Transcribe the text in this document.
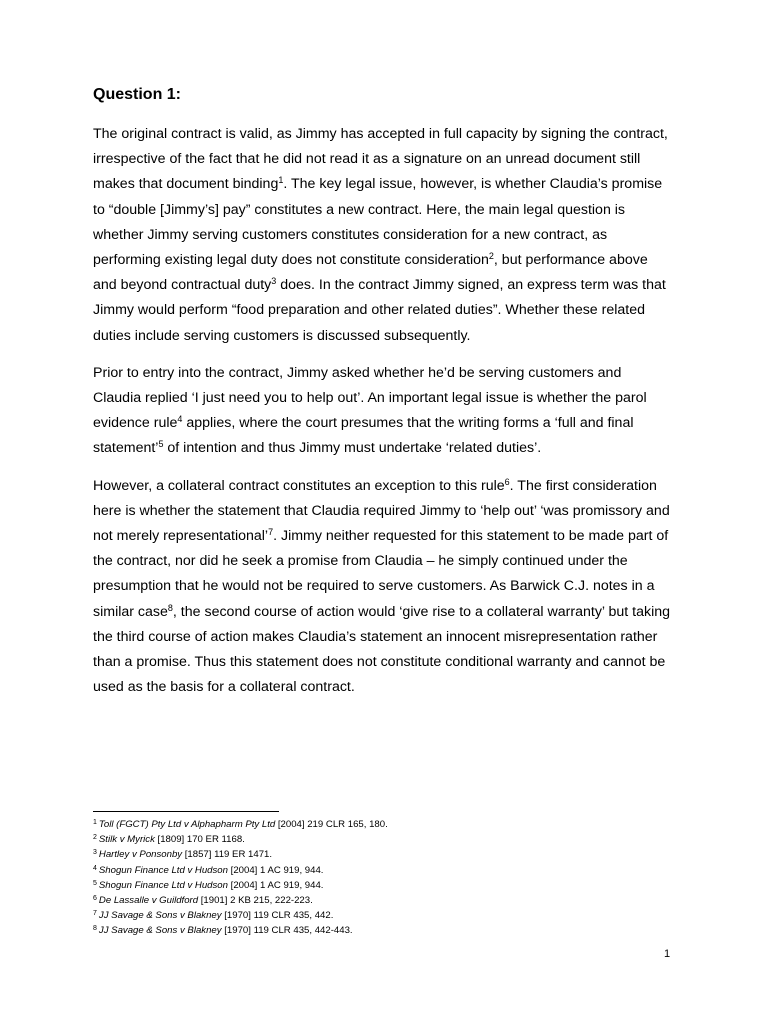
Question 1:

The original contract is valid, as Jimmy has accepted in full capacity by signing the contract, irrespective of the fact that he did not read it as a signature on an unread document still makes that document binding$^1$. The key legal issue, however, is whether Claudia’s promise to “double [Jimmy’s] pay” constitutes a new contract. Here, the main legal question is whether Jimmy serving customers constitutes consideration for a new contract, as performing existing legal duty does not constitute consideration$^2$, but performance above and beyond contractual duty$^3$ does. In the contract Jimmy signed, an express term was that Jimmy would perform “food preparation and other related duties”. Whether these related duties include serving customers is discussed subsequently.

Prior to entry into the contract, Jimmy asked whether he’d be serving customers and Claudia replied ‘I just need you to help out’. An important legal issue is whether the parol evidence rule$^4$ applies, where the court presumes that the writing forms a ‘full and final statement’$^5$ of intention and thus Jimmy must undertake ‘related duties’.

However, a collateral contract constitutes an exception to this rule$^6$. The first consideration here is whether the statement that Claudia required Jimmy to ‘help out’ ‘was promissory and not merely representational’$^7$. Jimmy neither requested for this statement to be made part of the contract, nor did he seek a promise from Claudia – he simply continued under the presumption that he would not be required to serve customers. As Barwick C.J. notes in a similar case$^8$, the second course of action would ‘give rise to a collateral warranty’ but taking the third course of action makes Claudia’s statement an innocent misrepresentation rather than a promise. Thus this statement does not constitute conditional warranty and cannot be used as the basis for a collateral contract.

$^1$ Toll (FGCT) Pty Ltd v Alphapharm Pty Ltd [2004] 219 CLR 165, 180.
$^2$ Stilk v Myrick [1809] 170 ER 1168.
$^3$ Hartley v Ponsonby [1857] 119 ER 1471.
$^4$ Shogun Finance Ltd v Hudson [2004] 1 AC 919, 944.
$^5$ Shogun Finance Ltd v Hudson [2004] 1 AC 919, 944.
$^6$ De Lassalle v Guildford [1901] 2 KB 215, 222-223.
$^7$ JJ Savage & Sons v Blakney [1970] 119 CLR 435, 442.
$^8$ JJ Savage & Sons v Blakney [1970] 119 CLR 435, 442-443.
1
